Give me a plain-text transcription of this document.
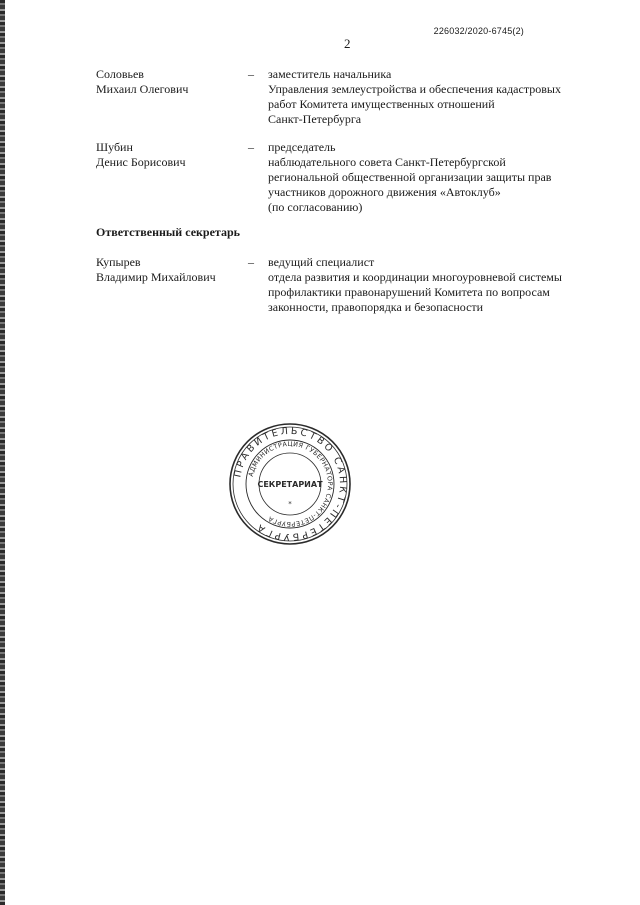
226032/2020-6745(2)
2
Соловьев
Михаил Олегович
– заместитель начальника
Управления землеустройства и обеспечения кадастровых
работ Комитета имущественных отношений
Санкт-Петербурга
Шубин
Денис Борисович
– председатель
наблюдательного совета Санкт-Петербургской
региональной общественной организации защиты прав
участников дорожного движения «Автоклуб»
(по согласованию)
Ответственный секретарь
Купырев
Владимир Михайлович
– ведущий специалист
отдела развития и координации многоуровневой системы
профилактики правонарушений Комитета по вопросам
законности, правопорядка и безопасности
ПРАВИТЕЛЬСТВО САНКТ-ПЕТЕРБУРГА
АДМИНИСТРАЦИЯ ГУБЕРНАТОРА САНКТ-ПЕТЕРБУРГА
СЕКРЕТАРИАТ
*
